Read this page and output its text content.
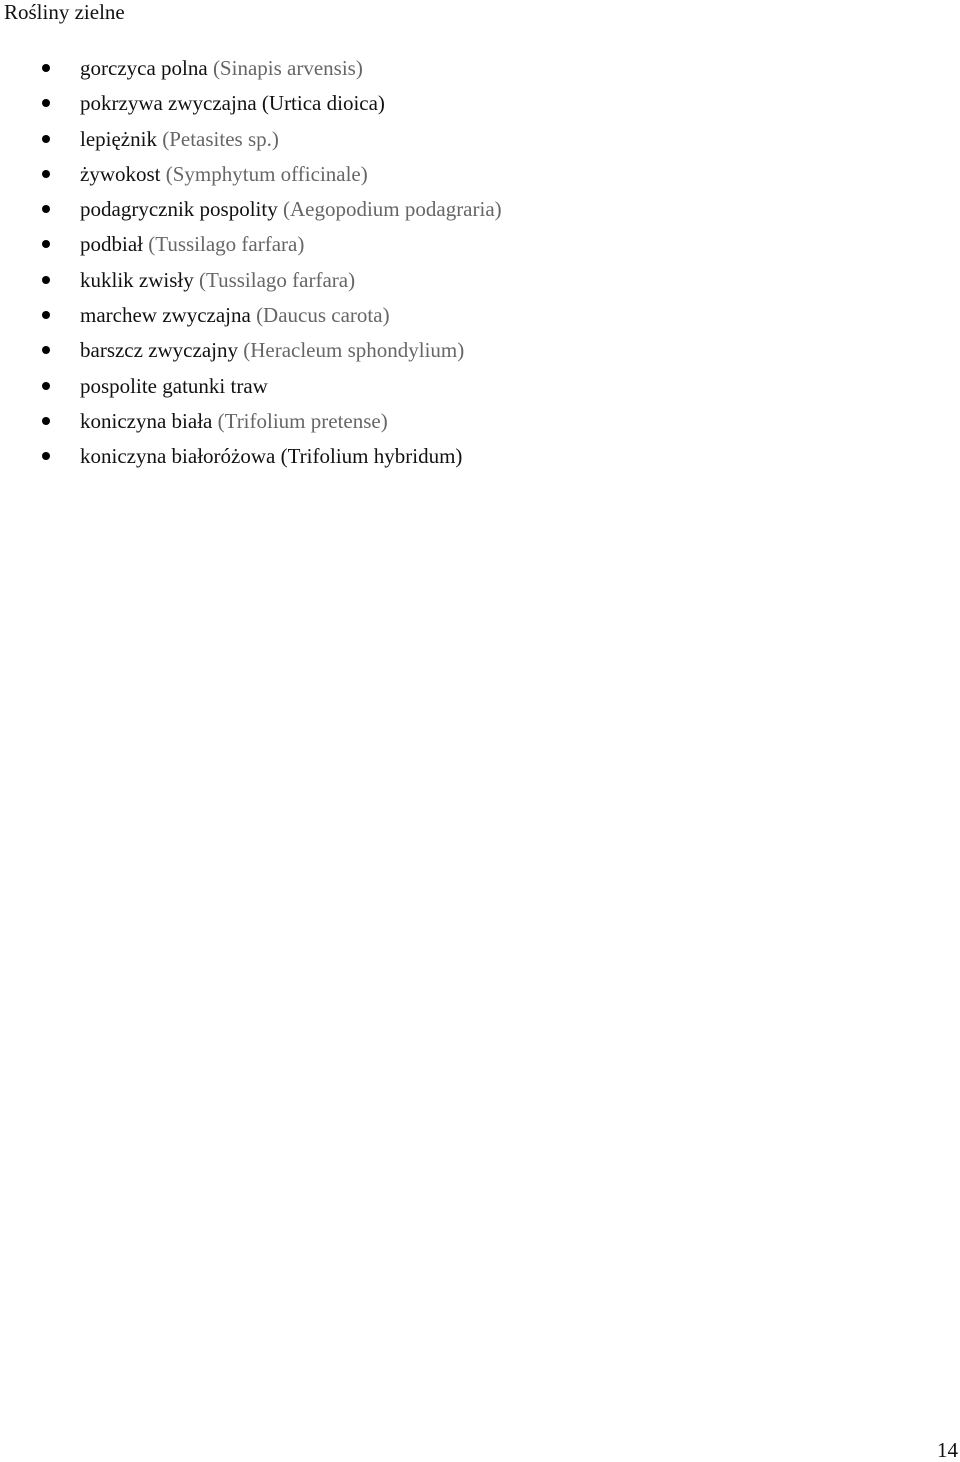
Rośliny zielne
gorczyca polna (Sinapis arvensis)
pokrzywa zwyczajna (Urtica dioica)
lepiężnik (Petasites sp.)
żywokost (Symphytum officinale)
podagrycznik pospolity (Aegopodium podagraria)
podbiał (Tussilago farfara)
kuklik zwisły (Tussilago farfara)
marchew zwyczajna (Daucus carota)
barszcz zwyczajny (Heracleum sphondylium)
pospolite gatunki traw
koniczyna biała (Trifolium pretense)
koniczyna białoróżowa (Trifolium hybridum)
14
